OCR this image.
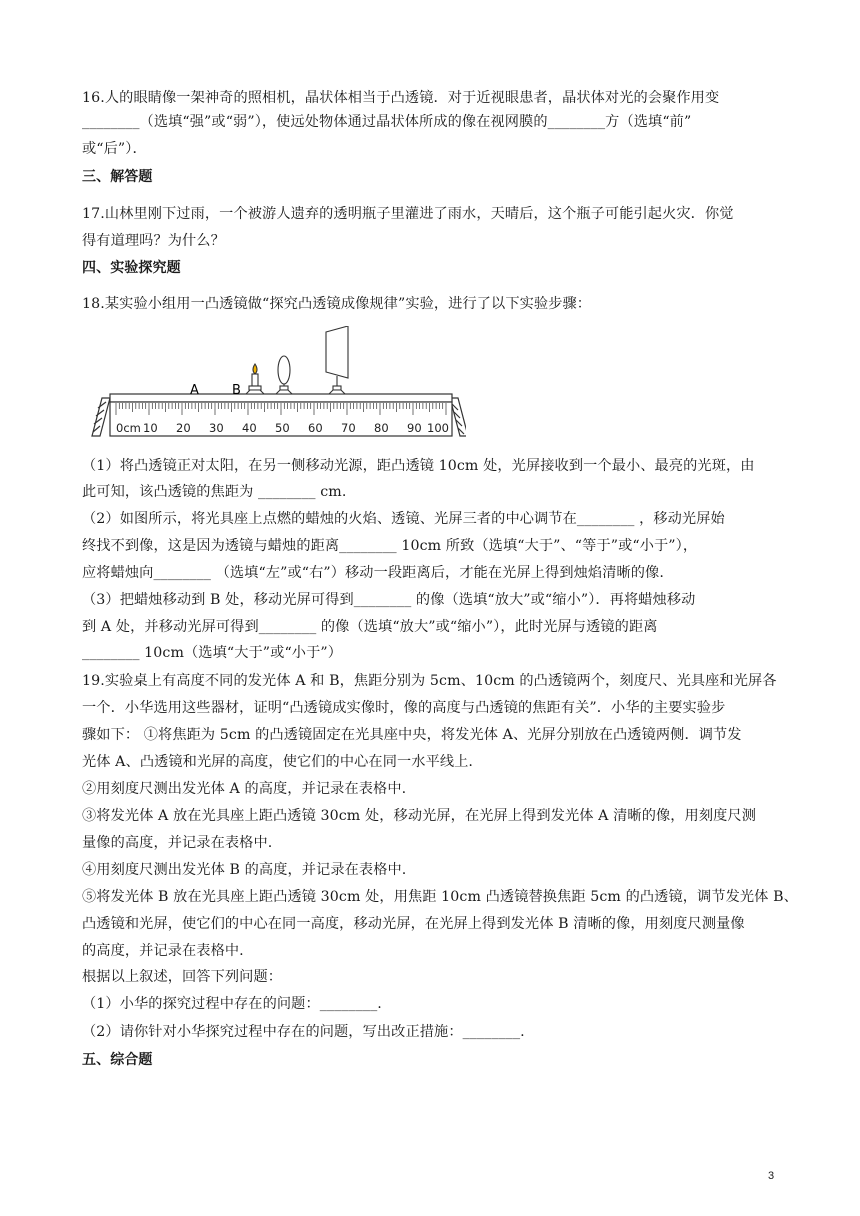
16.人的眼睛像一架神奇的照相机，晶状体相当于凸透镜．对于近视眼患者，晶状体对光的会聚作用变
________（选填“强”或“弱”），使远处物体通过晶状体所成的像在视网膜的________方（选填“前”
或“后”）．
三、解答题
17.山林里刚下过雨，一个被游人遗弃的透明瓶子里灌进了雨水，天晴后，这个瓶子可能引起火灾．你觉
得有道理吗？为什么？
四、实验探究题
18.某实验小组用一凸透镜做“探究凸透镜成像规律”实验，进行了以下实验步骤：
0cm 10 20 30 40 50 60 70 80 90 100
A	B
（1）将凸透镜正对太阳，在另一侧移动光源，距凸透镜 10cm 处，光屏接收到一个最小、最亮的光斑，由
此可知，该凸透镜的焦距为 ________ cm.
（2）如图所示，将光具座上点燃的蜡烛的火焰、透镜、光屏三者的中心调节在________ ，移动光屏始
终找不到像，这是因为透镜与蜡烛的距离________ 10cm 所致（选填“大于”、“等于”或“小于”），
应将蜡烛向________ （选填“左”或“右”）移动一段距离后，才能在光屏上得到烛焰清晰的像.
（3）把蜡烛移动到 B 处，移动光屏可得到________ 的像（选填“放大”或“缩小”）．再将蜡烛移动
到 A 处，并移动光屏可得到________ 的像（选填“放大”或“缩小”），此时光屏与透镜的距离
________ 10cm（选填“大于”或“小于”）
19.实验桌上有高度不同的发光体 A 和 B，焦距分别为 5cm、10cm 的凸透镜两个，刻度尺、光具座和光屏各
一个．小华选用这些器材，证明“凸透镜成实像时，像的高度与凸透镜的焦距有关”．小华的主要实验步
骤如下： ①将焦距为 5cm 的凸透镜固定在光具座中央，将发光体 A、光屏分别放在凸透镜两侧．调节发
光体 A、凸透镜和光屏的高度，使它们的中心在同一水平线上.
②用刻度尺测出发光体 A 的高度，并记录在表格中.
③将发光体 A 放在光具座上距凸透镜 30cm 处，移动光屏，在光屏上得到发光体 A 清晰的像，用刻度尺测
量像的高度，并记录在表格中.
④用刻度尺测出发光体 B 的高度，并记录在表格中.
⑤将发光体 B 放在光具座上距凸透镜 30cm 处，用焦距 10cm 凸透镜替换焦距 5cm 的凸透镜，调节发光体 B、
凸透镜和光屏，使它们的中心在同一高度，移动光屏，在光屏上得到发光体 B 清晰的像，用刻度尺测量像
的高度，并记录在表格中.
根据以上叙述，回答下列问题：
（1）小华的探究过程中存在的问题：________.
（2）请你针对小华探究过程中存在的问题，写出改正措施：________.
五、综合题
3
